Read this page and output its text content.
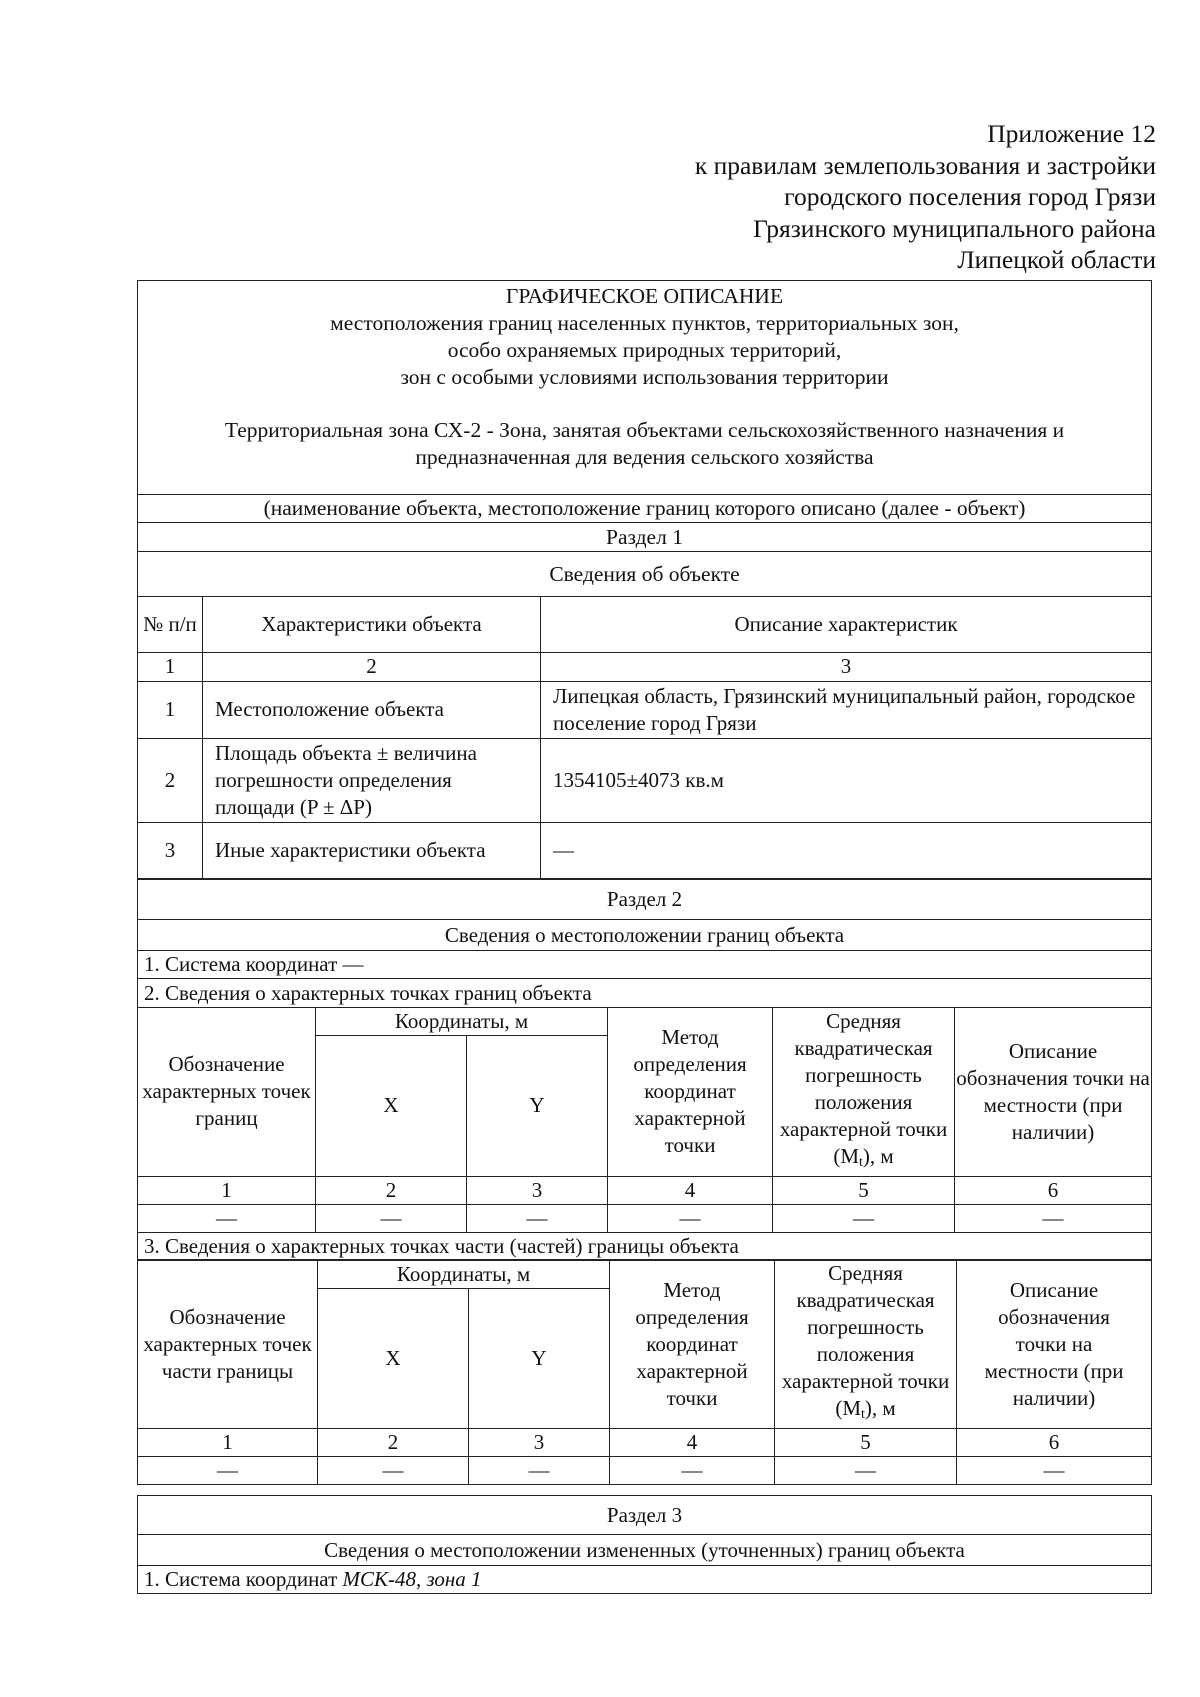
Приложение 12
к правилам землепользования и застройки
городского поселения город Грязи
Грязинского муниципального района
Липецкой области
ГРАФИЧЕСКОЕ ОПИСАНИЕ
местоположения границ населенных пунктов, территориальных зон,
особо охраняемых природных территорий,
зон с особыми условиями использования территории
Территориальная зона СХ-2 - Зона, занятая объектами сельскохозяйственного назначения и
предназначенная для ведения сельского хозяйства

(наименование объекта, местоположение границ которого описано (далее - объект)
Раздел 1
Сведения об объекте
№ п/п	Характеристики объекта	Описание характеристик
1	2	3
1	Местоположение объекта	Липецкая область, Грязинский муниципальный район, городское поселение город Грязи
2	Площадь объекта ± величина погрешности определения площади (P ± ΔP)	1354105±4073 кв.м
3	Иные характеристики объекта	—
Раздел 2
Сведения о местоположении границ объекта
1. Система координат —
2. Сведения о характерных точках границ объекта
Обозначение характерных точек границ	Координаты, м		Метод определения координат характерной точки	Средняя квадратическая погрешность положения характерной точки $(M_t)$, м	Описание обозначения точки на местности (при наличии)
	X	Y			
1	2	3	4	5	6
—	—	—	—	—	—
3. Сведения о характерных точках части (частей) границы объекта					
Обозначение характерных точек части границы	Координаты, м		Метод определения координат характерной точки	Средняя квадратическая погрешность положения характерной точки $(M_t)$, м	Описание обозначения точки на местности (при наличии)
	X	Y			
1	2	3	4	5	6
—	—	—	—	—	—
Раздел 3
Сведения о местоположении измененных (уточненных) границ объекта
1. Система координат МСК-48, зона 1
